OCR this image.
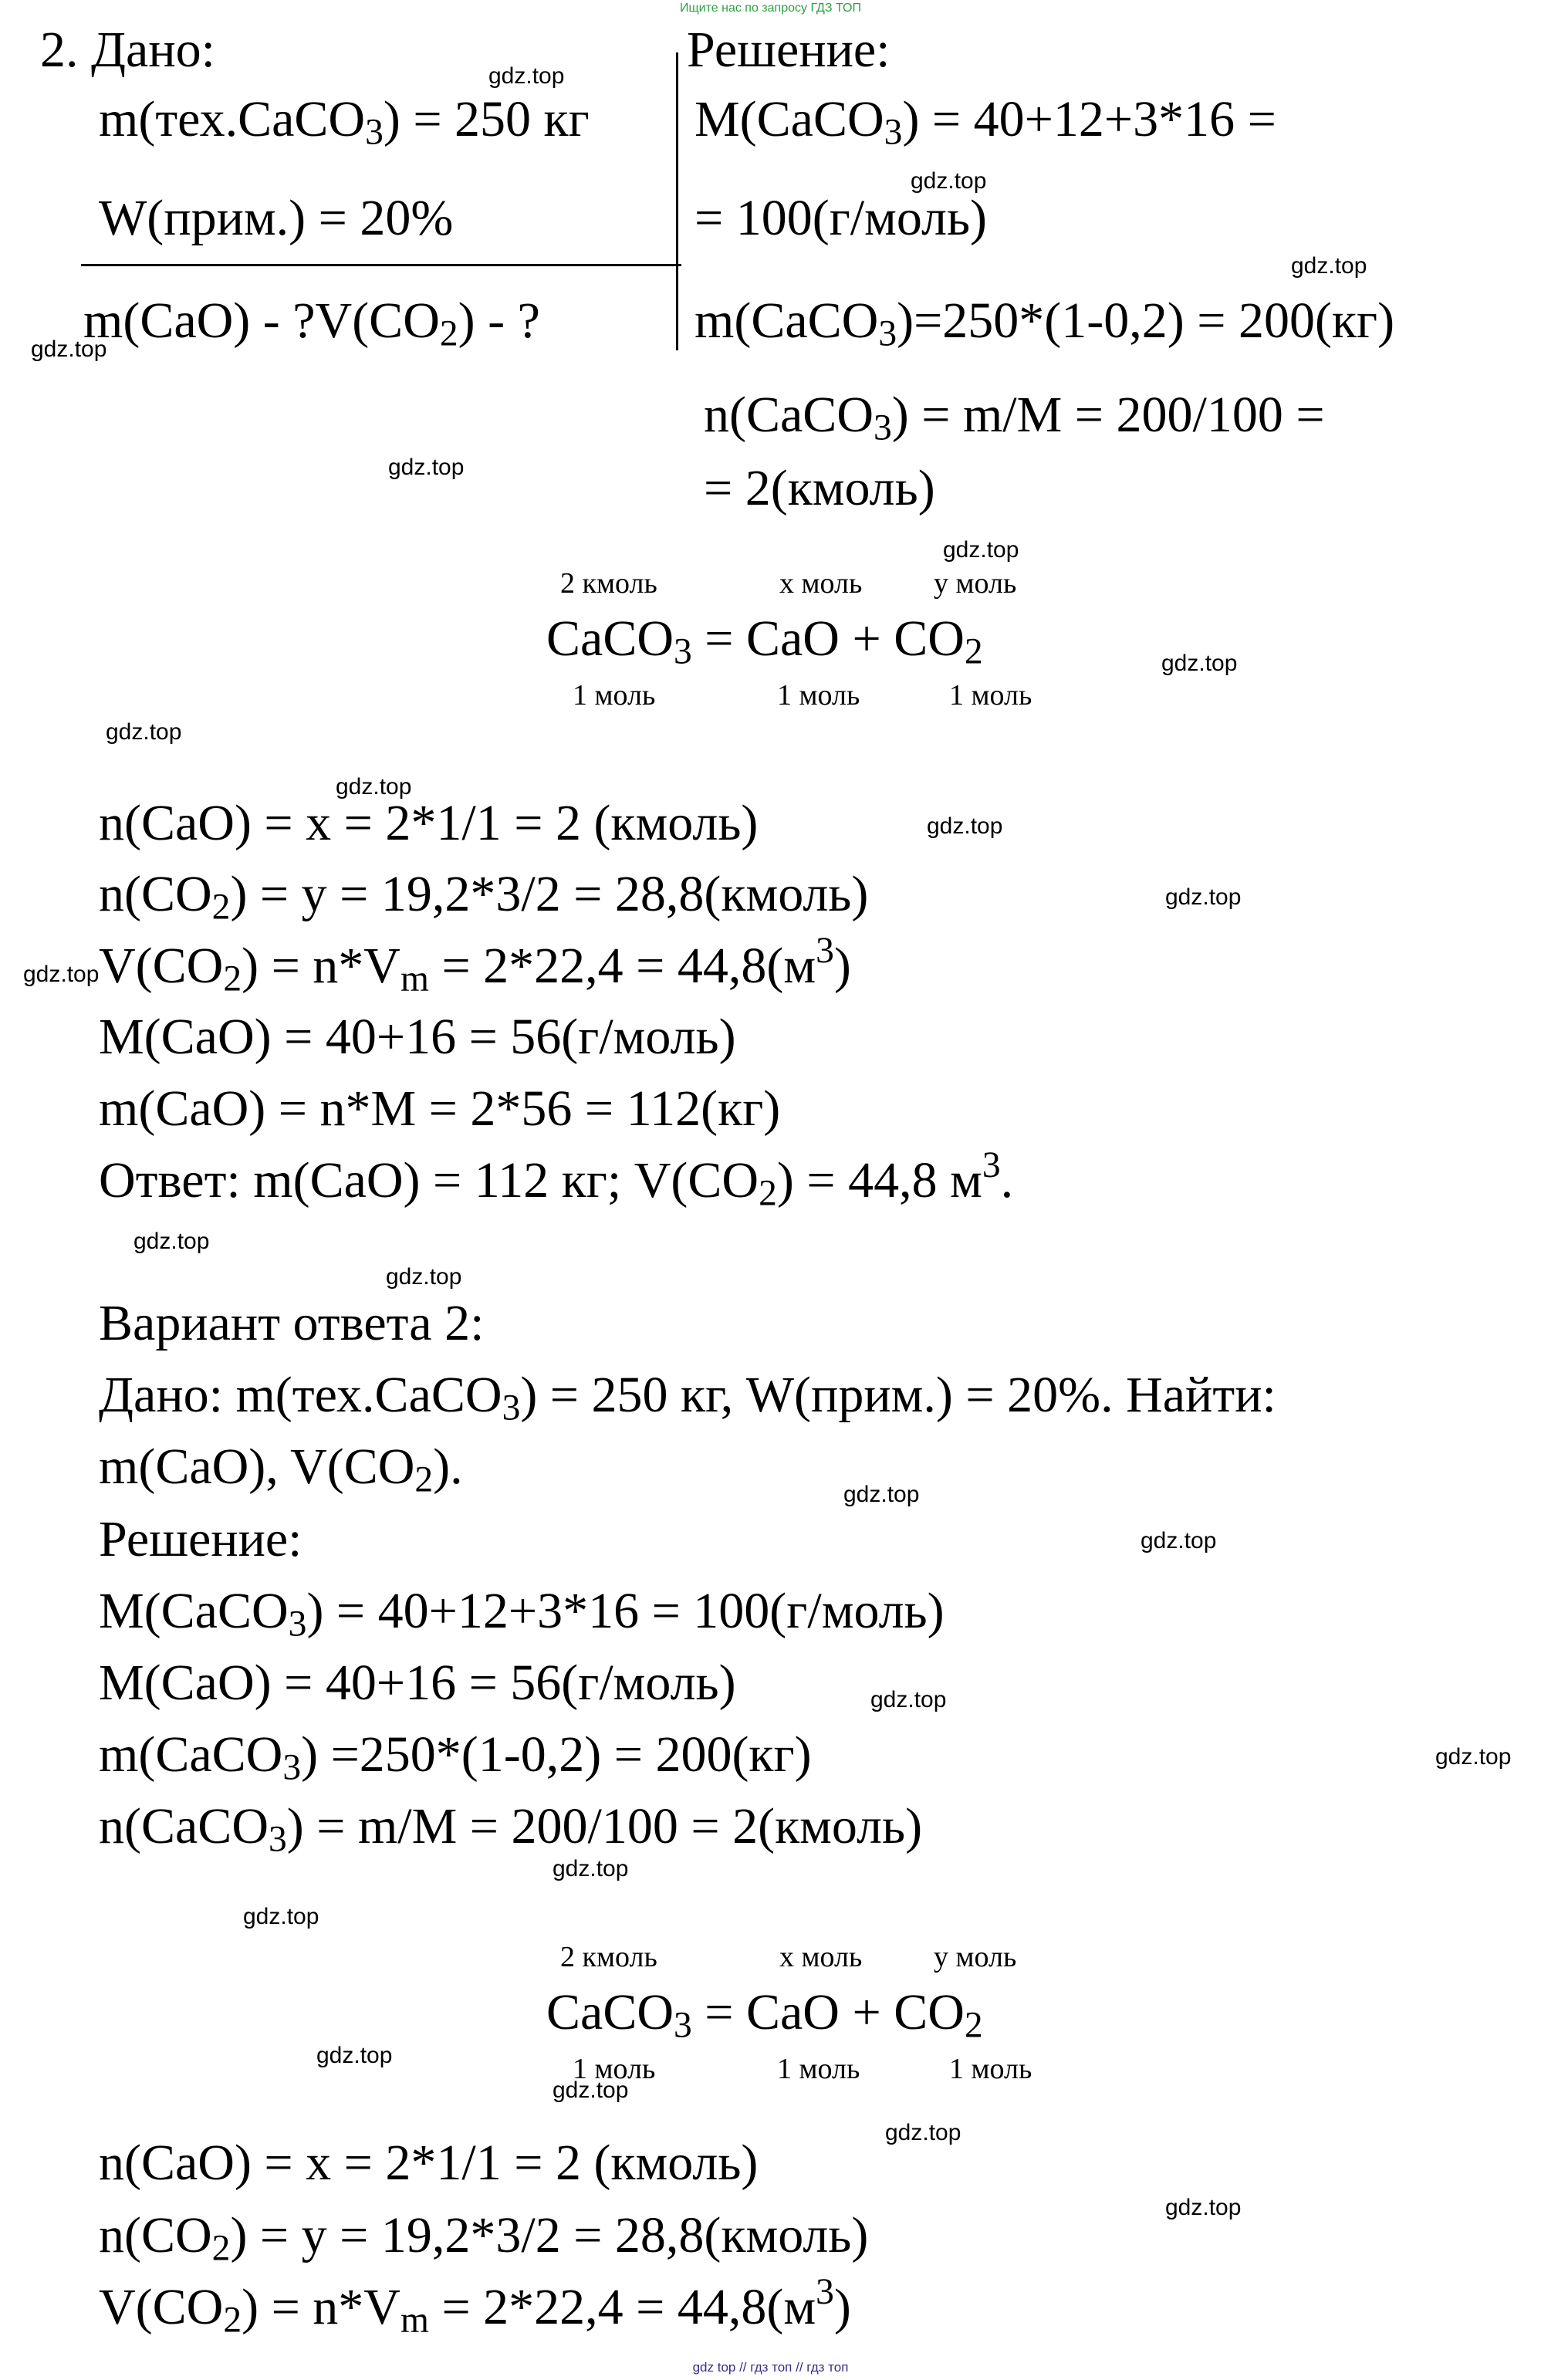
Ищите нас по запросу ГДЗ ТОП
2. Дано:
m(тех.CaCO$_3$) = 250 кг
W(прим.) = 20%
$m(CaO) - ?V(CO_2)$ - ?
Решение:
M(CaCO$_3$) = 40+12+3*16 =
= 100(г/моль)
m(CaCO$_3$)=250*(1-0,2) = 200(кг)
n(CaCO$_3$) = m/M = 200/100 =
= 2(кмоль)
2 кмоль	x моль y моль
CaCO$_3$ = CaO + $CO_2$
1 моль	1 моль	1 моль
n(CaO) = x = 2*1/1 = 2 (кмоль)
$n(CO_2) = y = 19,2*3/2$ = 28,8(кмоль)
$V(CO_2) = n*V_m = 2*22,4 = 44,8(м^3)$
M(CaO) = 40+16 = 56(г/моль)
m(CaO) = n*M = 2*56 = 112(кг)
Ответ: m(CaO) = 112 кг; $V(CO_2) = 44,8$ $м^3$.
Вариант ответа 2:
Дано: m(тех.CaCO$_3$) = 250 кг, W(прим.) = 20%. Найти:
m(CaO), $V(CO_2)$.
Решение:
M(CaCO$_3$) = 40+12+3*16 = 100(г/моль)
M(CaO) = 40+16 = 56(г/моль)
m(CaCO$_3$) =250*(1-0,2) = 200(кг)
n(CaCO$_3$) = m/M = 200/100 = 2(кмоль)
2 кмоль	x моль y моль
CaCO$_3$ = CaO + $CO_2$
1 моль	1 моль	1 моль
n(CaO) = x = 2*1/1 = 2 (кмоль)
$n(CO_2) = y = 19,2*3/2$ = 28,8(кмоль)
$V(CO_2) = n*V_m = 2*22,4 = 44,8(м^3)$
gdz.top
gdz.top
gdz.top
gdz.top
gdz.top
gdz.top
gdz.top
gdz.top
gdz.top
gdz.top
gdz.top
gdz.top
gdz.top
gdz.top
gdz.top
gdz.top
gdz.top
gdz.top
gdz.top
gdz.top
gdz.top
gdz.top
gdz.top
gdz.top
gdz top // гдз топ // гдз топ
